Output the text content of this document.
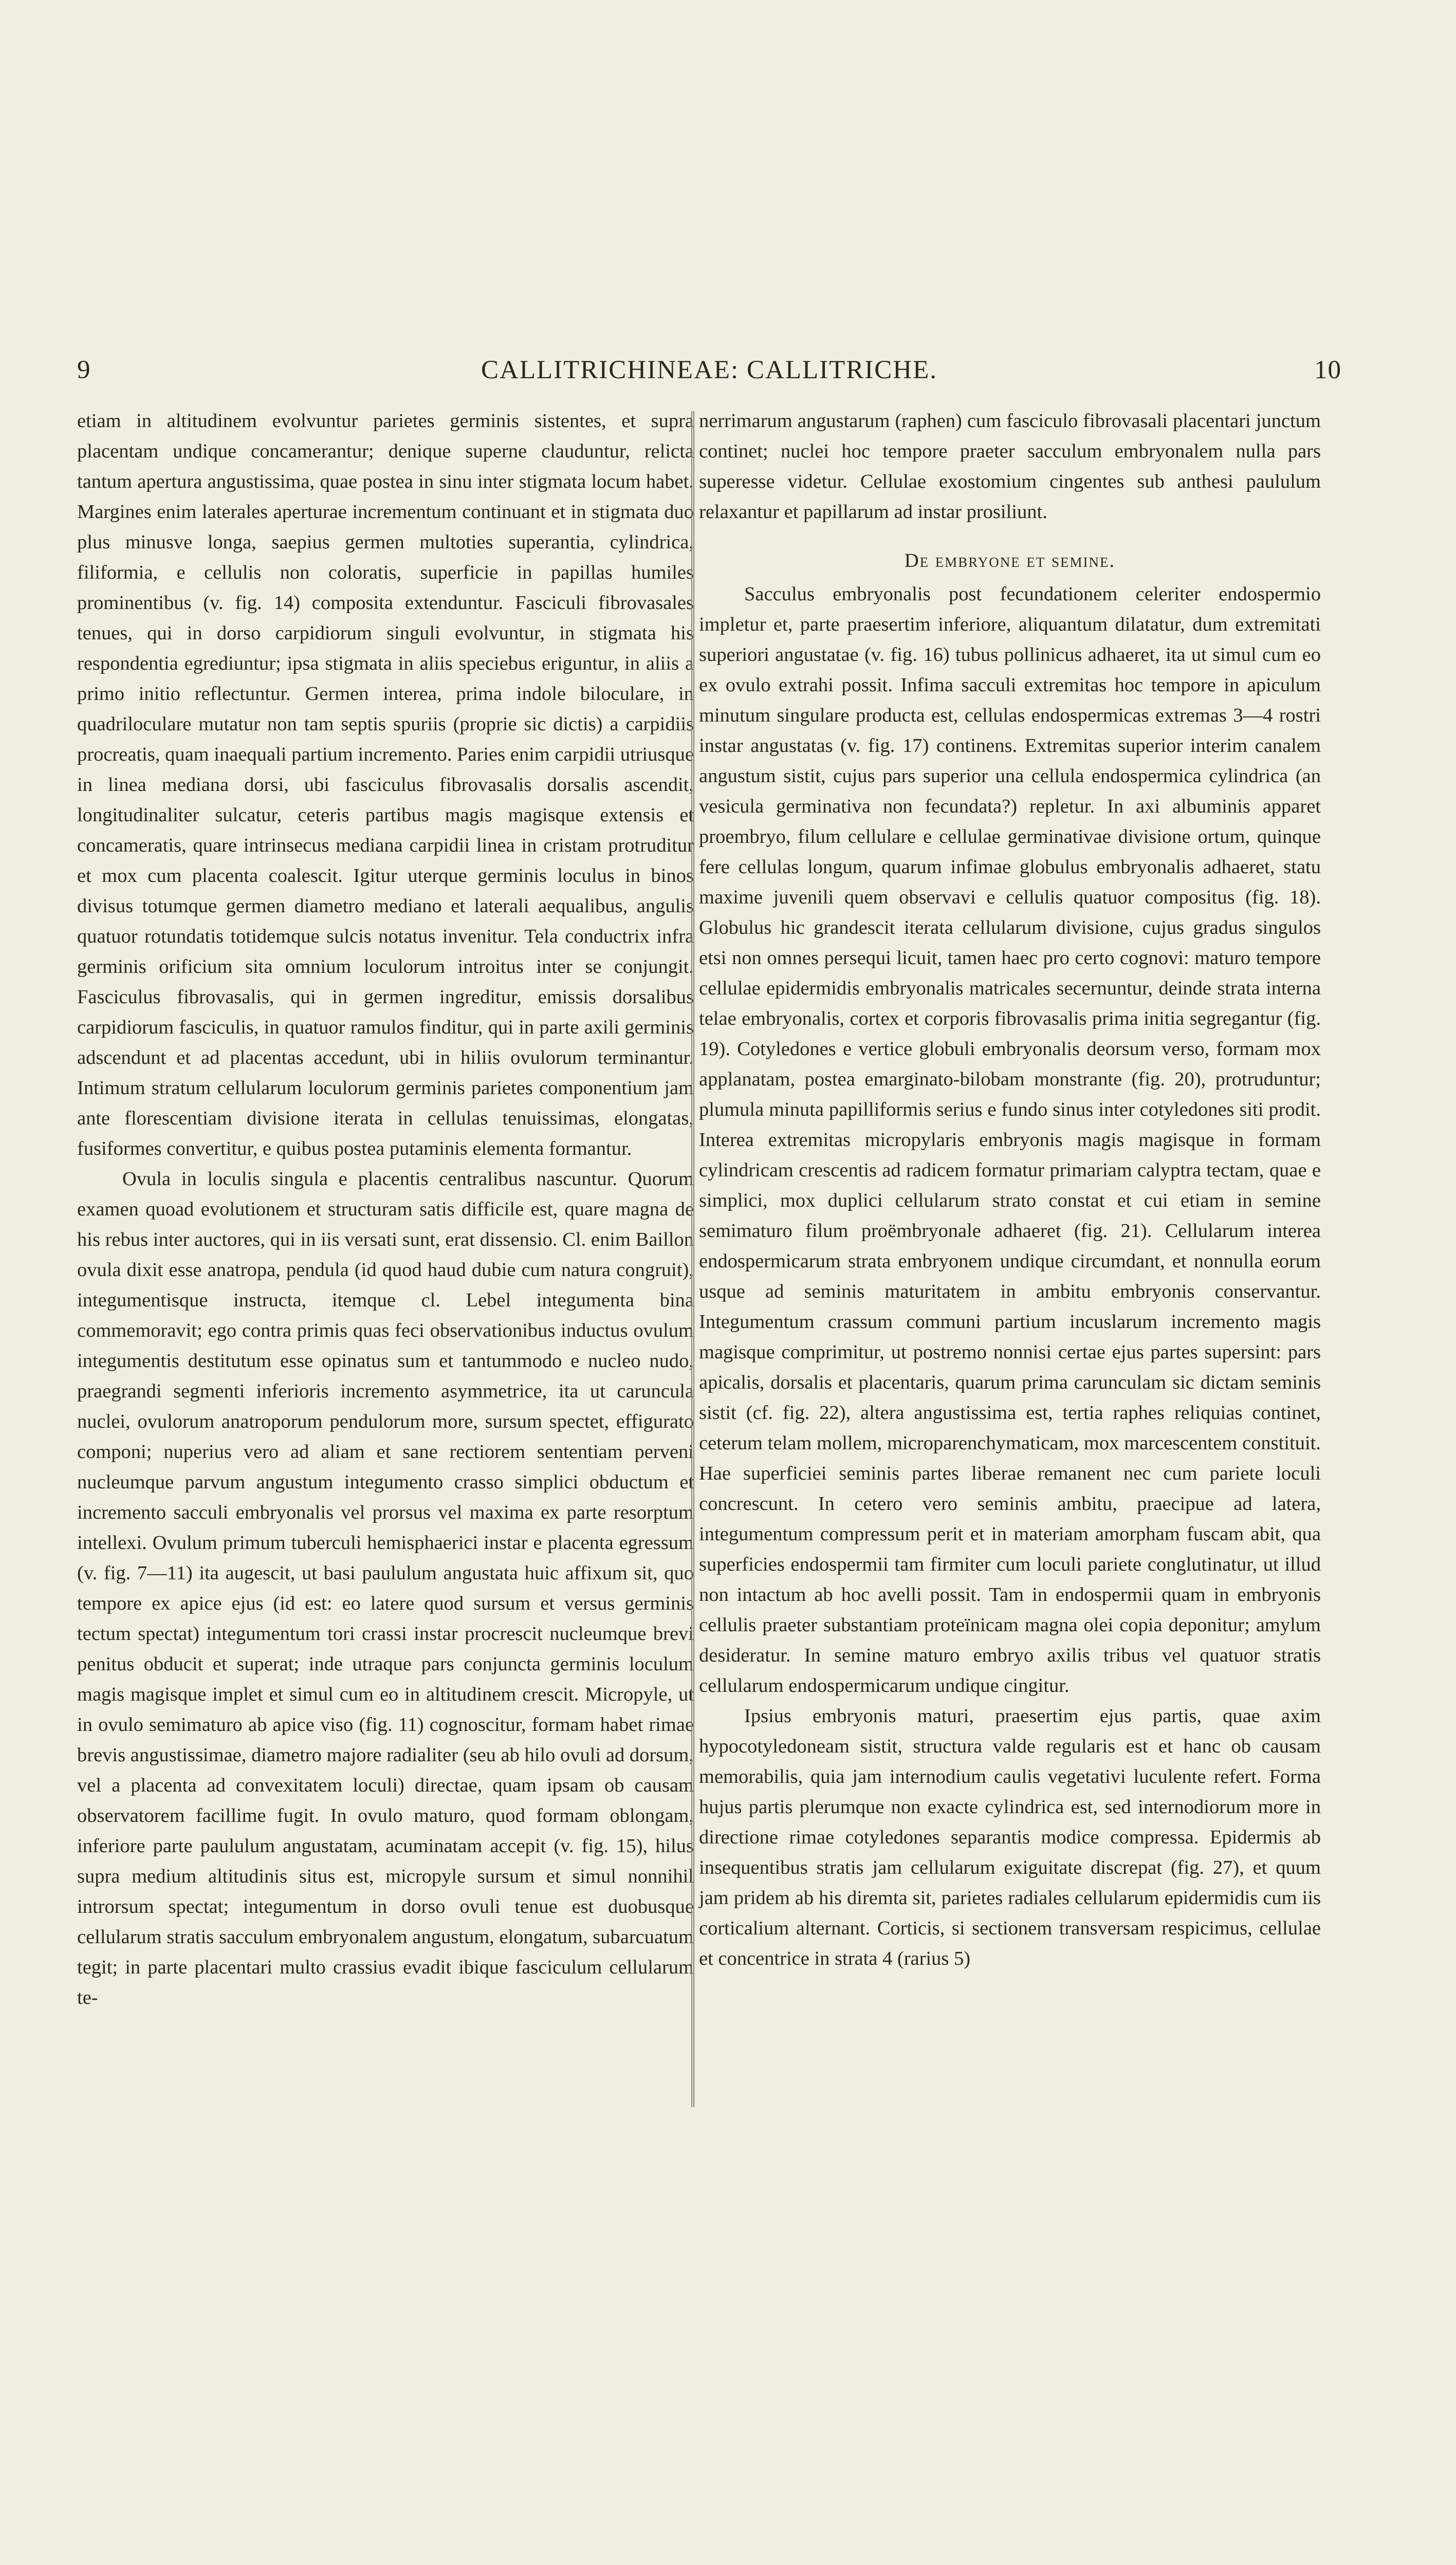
9	CALLITRICHINEAE: CALLITRICHE.	10

etiam in altitudinem evolvuntur parietes germinis sistentes, et supra placentam undique concamerantur; denique superne clauduntur, relicta tantum apertura angustissima, quae postea in sinu inter stigmata locum habet. Margines enim laterales aperturae incrementum continuant et in stigmata duo plus minusve longa, saepius germen multoties superantia, cylindrica, filiformia, e cellulis non coloratis, superficie in papillas humiles prominentibus (v. fig. 14) composita extenduntur. Fasciculi fibrovasales tenues, qui in dorso carpidiorum singuli evolvuntur, in stigmata his respondentia egrediuntur; ipsa stigmata in aliis speciebus eriguntur, in aliis a primo initio reflectuntur. Germen interea, prima indole biloculare, in quadriloculare mutatur non tam septis spuriis (proprie sic dictis) a carpidiis procreatis, quam inaequali partium incremento. Paries enim carpidii utriusque in linea mediana dorsi, ubi fasciculus fibrovasalis dorsalis ascendit, longitudinaliter sulcatur, ceteris partibus magis magisque extensis et concameratis, quare intrinsecus mediana carpidii linea in cristam protruditur et mox cum placenta coalescit. Igitur uterque germinis loculus in binos divisus totumque germen diametro mediano et laterali aequalibus, angulis quatuor rotundatis totidemque sulcis notatus invenitur. Tela conductrix infra germinis orificium sita omnium loculorum introitus inter se conjungit. Fasciculus fibrovasalis, qui in germen ingreditur, emissis dorsalibus carpidiorum fasciculis, in quatuor ramulos finditur, qui in parte axili germinis adscendunt et ad placentas accedunt, ubi in hiliis ovulorum terminantur. Intimum stratum cellularum loculorum germinis parietes componentium jam ante florescentiam divisione iterata in cellulas tenuissimas, elongatas, fusiformes convertitur, e quibus postea putaminis elementa formantur.

Ovula in loculis singula e placentis centralibus nascuntur. Quorum examen quoad evolutionem et structuram satis difficile est, quare magna de his rebus inter auctores, qui in iis versati sunt, erat dissensio. Cl. enim Baillon ovula dixit esse anatropa, pendula (id quod haud dubie cum natura congruit), integumentisque instructa, itemque cl. Lebel integumenta bina commemoravit; ego contra primis quas feci observationibus inductus ovulum integumentis destitutum esse opinatus sum et tantummodo e nucleo nudo, praegrandi segmenti inferioris incremento asymmetrice, ita ut caruncula nuclei, ovulorum anatroporum pendulorum more, sursum spectet, effigurato componi; nuperius vero ad aliam et sane rectiorem sententiam perveni nucleumque parvum angustum integumento crasso simplici obductum et incremento sacculi embryonalis vel prorsus vel maxima ex parte resorptum intellexi. Ovulum primum tuberculi hemisphaerici instar e placenta egressum (v. fig. 7—11) ita augescit, ut basi paululum angustata huic affixum sit, quo tempore ex apice ejus (id est: eo latere quod sursum et versus germinis tectum spectat) integumentum tori crassi instar procrescit nucleumque brevi penitus obducit et superat; inde utraque pars conjuncta germinis loculum magis magisque implet et simul cum eo in altitudinem crescit. Micropyle, ut in ovulo semimaturo ab apice viso (fig. 11) cognoscitur, formam habet rimae brevis angustissimae, diametro majore radialiter (seu ab hilo ovuli ad dorsum, vel a placenta ad convexitatem loculi) directae, quam ipsam ob causam observatorem facillime fugit. In ovulo maturo, quod formam oblongam, inferiore parte paululum angustatam, acuminatam accepit (v. fig. 15), hilus supra medium altitudinis situs est, micropyle sursum et simul nonnihil introrsum spectat; integumentum in dorso ovuli tenue est duobusque cellularum stratis sacculum embryonalem angustum, elongatum, subarcuatum tegit; in parte placentari multo crassius evadit ibique fasciculum cellularum te-

nerrimarum angustarum (raphen) cum fasciculo fibrovasali placentari junctum continet; nuclei hoc tempore praeter sacculum embryonalem nulla pars superesse videtur. Cellulae exostomium cingentes sub anthesi paululum relaxantur et papillarum ad instar prosiliunt.

De embryone et semine.

Sacculus embryonalis post fecundationem celeriter endospermio impletur et, parte praesertim inferiore, aliquantum dilatatur, dum extremitati superiori angustatae (v. fig. 16) tubus pollinicus adhaeret, ita ut simul cum eo ex ovulo extrahi possit. Infima sacculi extremitas hoc tempore in apiculum minutum singulare producta est, cellulas endospermicas extremas 3—4 rostri instar angustatas (v. fig. 17) continens. Extremitas superior interim canalem angustum sistit, cujus pars superior una cellula endospermica cylindrica (an vesicula germinativa non fecundata?) repletur. In axi albuminis apparet proembryo, filum cellulare e cellulae germinativae divisione ortum, quinque fere cellulas longum, quarum infimae globulus embryonalis adhaeret, statu maxime juvenili quem observavi e cellulis quatuor compositus (fig. 18). Globulus hic grandescit iterata cellularum divisione, cujus gradus singulos etsi non omnes persequi licuit, tamen haec pro certo cognovi: maturo tempore cellulae epidermidis embryonalis matricales secernuntur, deinde strata interna telae embryonalis, cortex et corporis fibrovasalis prima initia segregantur (fig. 19). Cotyledones e vertice globuli embryonalis deorsum verso, formam mox applanatam, postea emarginato-bilobam monstrante (fig. 20), protruduntur; plumula minuta papilliformis serius e fundo sinus inter cotyledones siti prodit. Interea extremitas micropylaris embryonis magis magisque in formam cylindricam crescentis ad radicem formatur primariam calyptra tectam, quae e simplici, mox duplici cellularum strato constat et cui etiam in semine semimaturo filum proëmbryonale adhaeret (fig. 21). Cellularum interea endospermicarum strata embryonem undique circumdant, et nonnulla eorum usque ad seminis maturitatem in ambitu embryonis conservantur. Integumentum crassum communi partium incuslarum incremento magis magisque comprimitur, ut postremo nonnisi certae ejus partes supersint: pars apicalis, dorsalis et placentaris, quarum prima carunculam sic dictam seminis sistit (cf. fig. 22), altera angustissima est, tertia raphes reliquias continet, ceterum telam mollem, microparenchymaticam, mox marcescentem constituit. Hae superficiei seminis partes liberae remanent nec cum pariete loculi concrescunt. In cetero vero seminis ambitu, praecipue ad latera, integumentum compressum perit et in materiam amorpham fuscam abit, qua superficies endospermii tam firmiter cum loculi pariete conglutinatur, ut illud non intactum ab hoc avelli possit. Tam in endospermii quam in embryonis cellulis praeter substantiam proteïnicam magna olei copia deponitur; amylum desideratur. In semine maturo embryo axilis tribus vel quatuor stratis cellularum endospermicarum undique cingitur.

Ipsius embryonis maturi, praesertim ejus partis, quae axim hypocotyledoneam sistit, structura valde regularis est et hanc ob causam memorabilis, quia jam internodium caulis vegetativi luculente refert. Forma hujus partis plerumque non exacte cylindrica est, sed internodiorum more in directione rimae cotyledones separantis modice compressa. Epidermis ab insequentibus stratis jam cellularum exiguitate discrepat (fig. 27), et quum jam pridem ab his diremta sit, parietes radiales cellularum epidermidis cum iis corticalium alternant. Corticis, si sectionem transversam respicimus, cellulae et concentrice in strata 4 (rarius 5)
